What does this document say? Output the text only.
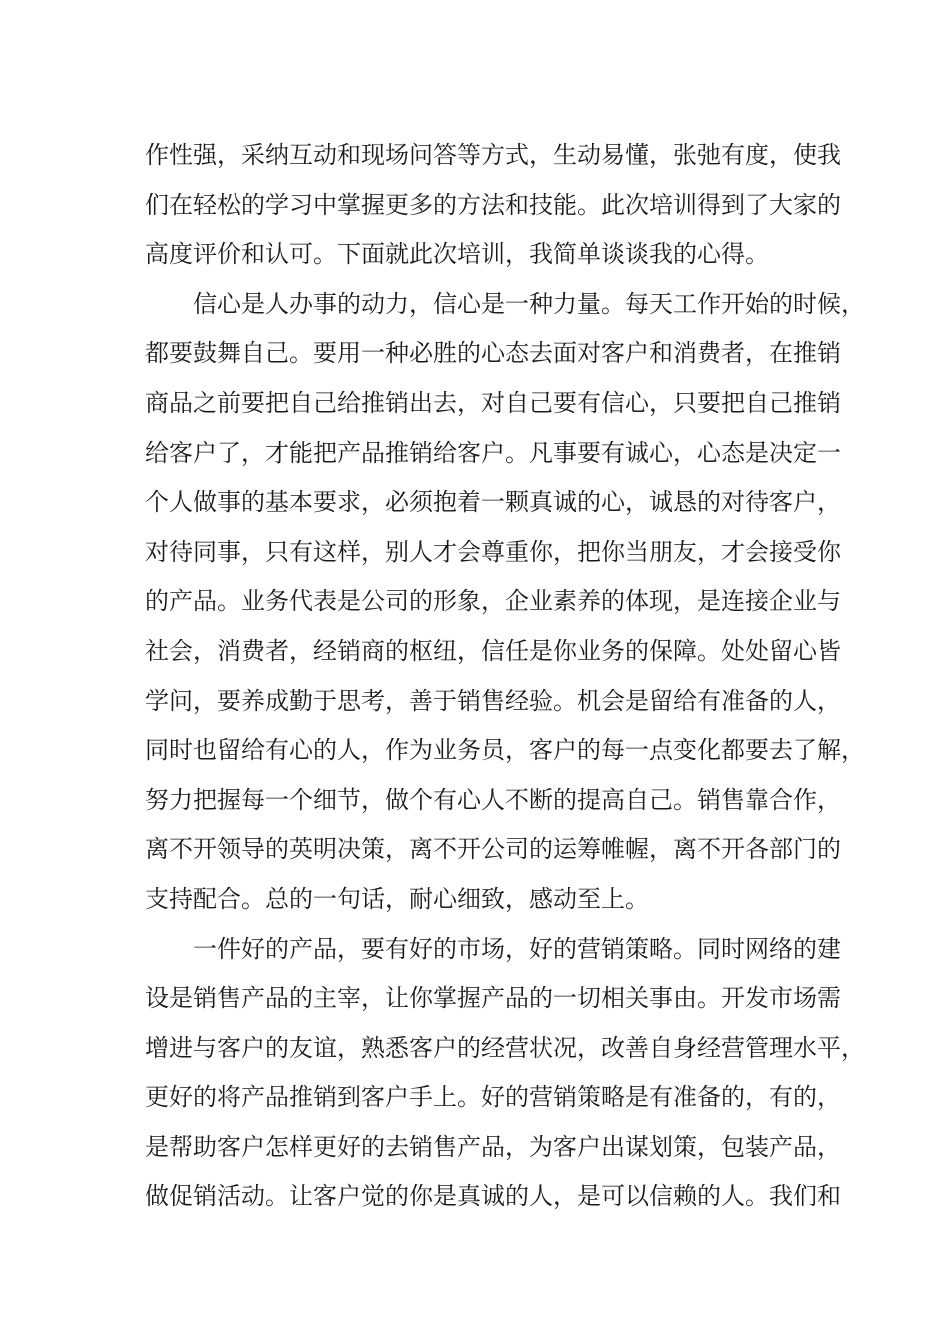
作性强，采纳互动和现场问答等方式，生动易懂，张弛有度，使我
们在轻松的学习中掌握更多的方法和技能。此次培训得到了大家的
高度评价和认可。下面就此次培训，我简单谈谈我的心得。
信心是人办事的动力，信心是一种力量。每天工作开始的时候，
都要鼓舞自己。要用一种必胜的心态去面对客户和消费者，在推销
商品之前要把自己给推销出去，对自己要有信心，只要把自己推销
给客户了，才能把产品推销给客户。凡事要有诚心，心态是决定一
个人做事的基本要求，必须抱着一颗真诚的心，诚恳的对待客户，
对待同事，只有这样，别人才会尊重你，把你当朋友，才会接受你
的产品。业务代表是公司的形象，企业素养的体现，是连接企业与
社会，消费者，经销商的枢纽，信任是你业务的保障。处处留心皆
学问，要养成勤于思考，善于销售经验。机会是留给有准备的人，
同时也留给有心的人，作为业务员，客户的每一点变化都要去了解，
努力把握每一个细节，做个有心人不断的提高自己。销售靠合作，
离不开领导的英明决策，离不开公司的运筹帷幄，离不开各部门的
支持配合。总的一句话，耐心细致，感动至上。
一件好的产品，要有好的市场，好的营销策略。同时网络的建
设是销售产品的主宰，让你掌握产品的一切相关事由。开发市场需
增进与客户的友谊，熟悉客户的经营状况，改善自身经营管理水平，
更好的将产品推销到客户手上。好的营销策略是有准备的，有的，
是帮助客户怎样更好的去销售产品，为客户出谋划策，包装产品，
做促销活动。让客户觉的你是真诚的人，是可以信赖的人。我们和
